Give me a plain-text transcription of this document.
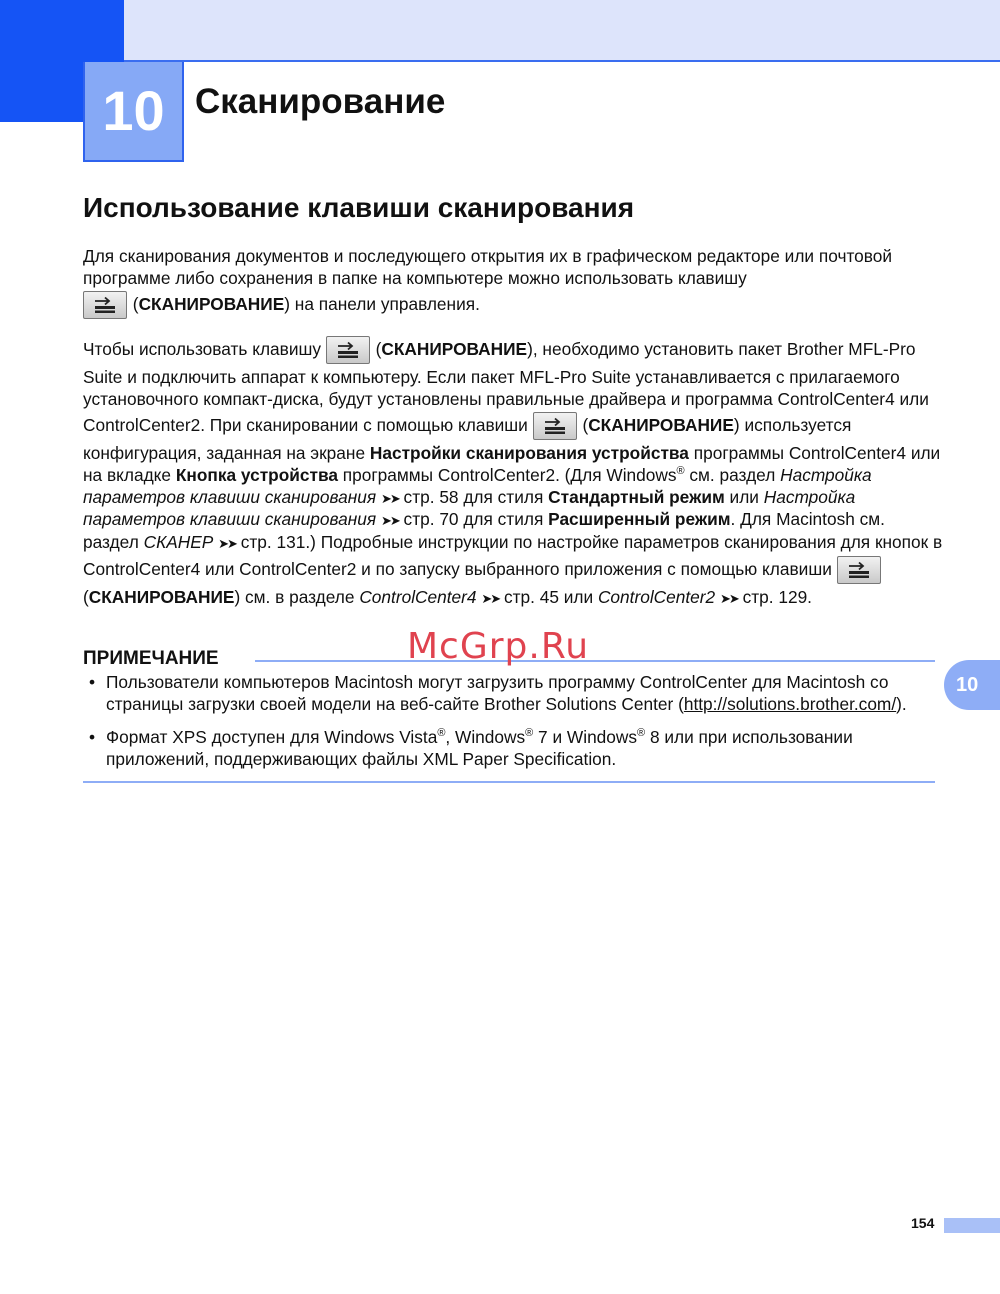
10 Сканирование
Использование клавиши сканирования

Для сканирования документов и последующего открытия их в графическом редакторе или почтовой программе либо сохранения в папке на компьютере можно использовать клавишу

(СКАНИРОВАНИЕ) на панели управления.

Чтобы использовать клавишу	(СКАНИРОВАНИЕ), необходимо установить пакет Brother MFL-Pro Suite и подключить аппарат к компьютеру. Если пакет MFL-Pro Suite устанавливается с прилагаемого установочного компакт-диска, будут установлены правильные драйвера и программа ControlCenter4 или ControlCenter2. При сканировании с помощью клавиши	(СКАНИРОВАНИЕ) используется конфигурация, заданная на экране Настройки сканирования устройства программы ControlCenter4 или на вкладке Кнопка устройства программы ControlCenter2. (Для Windows® см. раздел Настройка параметров клавиши сканирования ➤➤ стр. 58 для стиля Стандартный режим или Настройка параметров клавиши сканирования ➤➤ стр. 70 для стиля Расширенный режим. Для Macintosh см. раздел СКАНЕР ➤➤ стр. 131.) Подробные инструкции по настройке параметров сканирования для кнопок в ControlCenter4 или ControlCenter2 и по запуску выбранного приложения с помощью клавиши
(СКАНИРОВАНИЕ) см. в разделе ControlCenter4 ➤➤ стр. 45 или ControlCenter2 ➤➤ стр. 129.

ПРИМЕЧАНИЕ
• Пользователи компьютеров Macintosh могут загрузить программу ControlCenter для Macintosh со страницы загрузки своей модели на веб-сайте Brother Solutions Center (http://solutions.brother.com/).
• Формат XPS доступен для Windows Vista®, Windows® 7 и Windows® 8 или при использовании приложений, поддерживающих файлы XML Paper Specification.
10
McGrp.Ru
154
